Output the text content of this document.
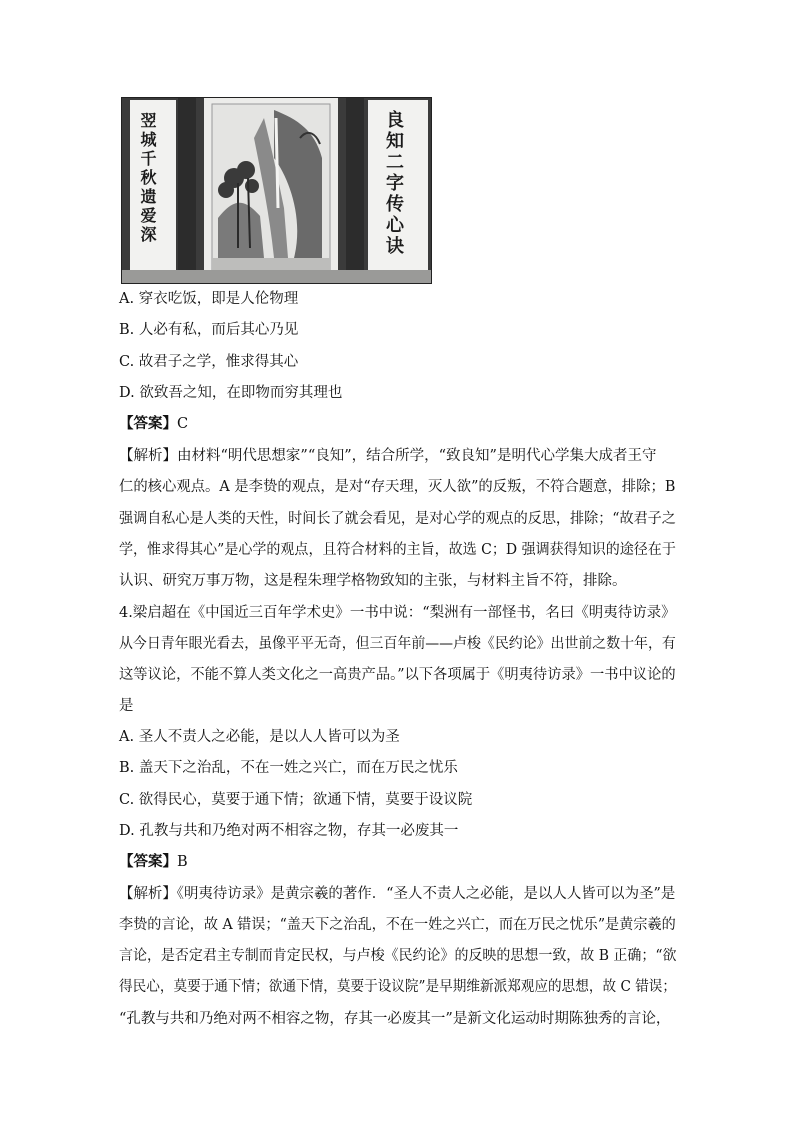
翌城千秋遗爱深	良知二字传心诀
A. 穿衣吃饭，即是人伦物理
B. 人必有私，而后其心乃见
C. 故君子之学，惟求得其心
D. 欲致吾之知，在即物而穷其理也
【答案】C
【解析】由材料“明代思想家”“良知”，结合所学，“致良知”是明代心学集大成者王守
仁的核心观点。A 是李贽的观点，是对“存天理，灭人欲”的反叛，不符合题意，排除；B
强调自私心是人类的天性，时间长了就会看见，是对心学的观点的反思，排除；“故君子之
学，惟求得其心”是心学的观点，且符合材料的主旨，故选 C；D 强调获得知识的途径在于
认识、研究万事万物，这是程朱理学格物致知的主张，与材料主旨不符，排除。
4.梁启超在《中国近三百年学术史》一书中说：“梨洲有一部怪书，名曰《明夷待访录》
从今日青年眼光看去，虽像平平无奇，但三百年前——卢梭《民约论》出世前之数十年，有
这等议论，不能不算人类文化之一高贵产品。”以下各项属于《明夷待访录》一书中议论的
是
A. 圣人不责人之必能，是以人人皆可以为圣
B. 盖天下之治乱，不在一姓之兴亡，而在万民之忧乐
C. 欲得民心，莫要于通下情；欲通下情，莫要于设议院
D. 孔教与共和乃绝对两不相容之物，存其一必废其一
【答案】B
【解析】《明夷待访录》是黄宗羲的著作．“圣人不责人之必能，是以人人皆可以为圣”是
李贽的言论，故 A 错误；“盖天下之治乱，不在一姓之兴亡，而在万民之忧乐”是黄宗羲的
言论，是否定君主专制而肯定民权，与卢梭《民约论》的反映的思想一致，故 B 正确；“欲
得民心，莫要于通下情；欲通下情，莫要于设议院”是早期维新派郑观应的思想，故 C 错误；
“孔教与共和乃绝对两不相容之物，存其一必废其一”是新文化运动时期陈独秀的言论，
